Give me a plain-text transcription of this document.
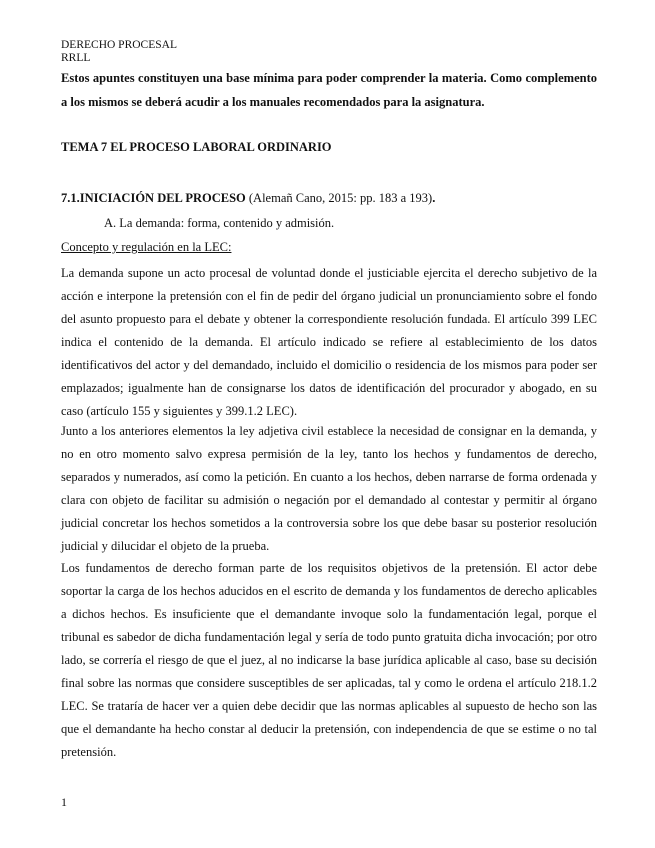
DERECHO PROCESAL
RRLL
Estos apuntes constituyen una base mínima para poder comprender la materia. Como complemento a los mismos se deberá acudir a los manuales recomendados para la asignatura.
TEMA 7 EL PROCESO LABORAL ORDINARIO
7.1.INICIACIÓN DEL PROCESO (Alemañ Cano, 2015: pp. 183 a 193).
A. La demanda: forma, contenido y admisión.
Concepto y regulación en la LEC:
La demanda supone un acto procesal de voluntad donde el justiciable ejercita el derecho subjetivo de la acción e interpone la pretensión con el fin de pedir del órgano judicial un pronunciamiento sobre el fondo del asunto propuesto para el debate y obtener la correspondiente resolución fundada. El artículo 399 LEC indica el contenido de la demanda. El artículo indicado se refiere al establecimiento de los datos identificativos del actor y del demandado, incluido el domicilio o residencia de los mismos para poder ser emplazados; igualmente han de consignarse los datos de identificación del procurador y abogado, en su caso (artículo 155 y siguientes y 399.1.2 LEC).
Junto a los anteriores elementos la ley adjetiva civil establece la necesidad de consignar en la demanda, y no en otro momento salvo expresa permisión de la ley, tanto los hechos y fundamentos de derecho, separados y numerados, así como la petición. En cuanto a los hechos, deben narrarse de forma ordenada y clara con objeto de facilitar su admisión o negación por el demandado al contestar y permitir al órgano judicial concretar los hechos sometidos a la controversia sobre los que debe basar su posterior resolución judicial y dilucidar el objeto de la prueba.
Los fundamentos de derecho forman parte de los requisitos objetivos de la pretensión. El actor debe soportar la carga de los hechos aducidos en el escrito de demanda y los fundamentos de derecho aplicables a dichos hechos. Es insuficiente que el demandante invoque solo la fundamentación legal, porque el tribunal es sabedor de dicha fundamentación legal y sería de todo punto gratuita dicha invocación; por otro lado, se correría el riesgo de que el juez, al no indicarse la base jurídica aplicable al caso, base su decisión final sobre las normas que considere susceptibles de ser aplicadas, tal y como le ordena el artículo 218.1.2 LEC. Se trataría de hacer ver a quien debe decidir que las normas aplicables al supuesto de hecho son las que el demandante ha hecho constar al deducir la pretensión, con independencia de que se estime o no tal pretensión.
1
